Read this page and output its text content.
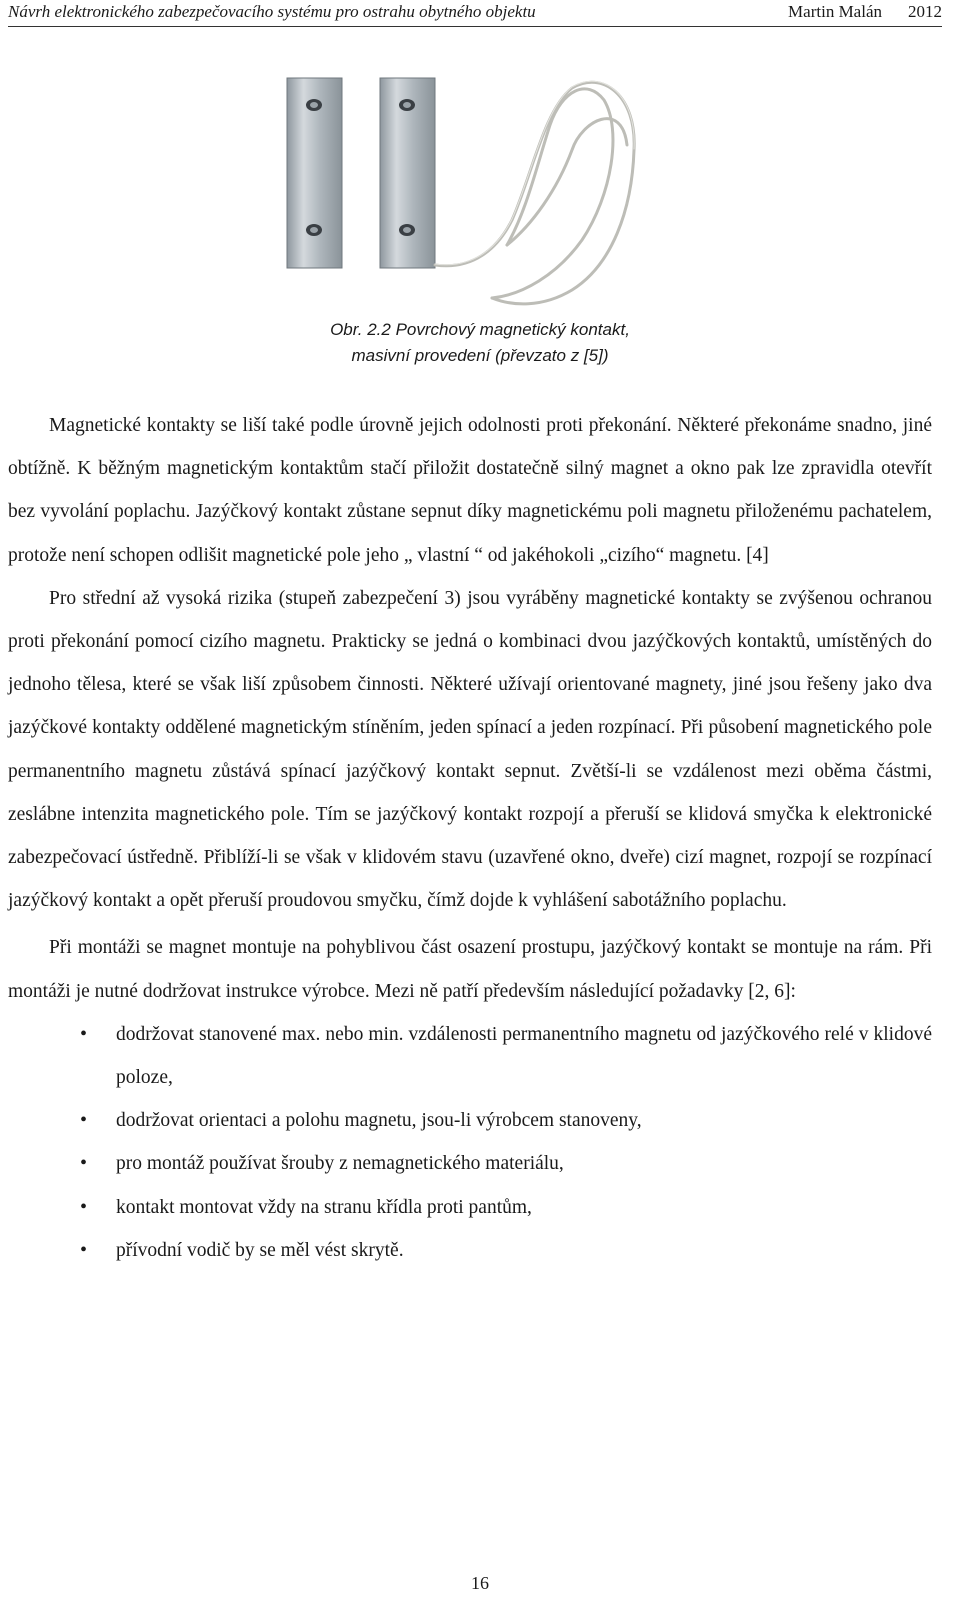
Návrh elektronického zabezpečovacího systému pro ostrahu obytného objektu	Martin Malán 2012
Obr. 2.2 Povrchový magnetický kontakt,
masivní provedení (převzato z [5])

Magnetické kontakty se liší také podle úrovně jejich odolnosti proti překonání. Některé překonáme snadno, jiné obtížně. K běžným magnetickým kontaktům stačí přiložit dostatečně silný magnet a okno pak lze zpravidla otevřít bez vyvolání poplachu. Jazýčkový kontakt zůstane sepnut díky magnetickému poli magnetu přiloženému pachatelem, protože není schopen odlišit magnetické pole jeho „ vlastní “ od jakéhokoli „cizího“ magnetu. [4]

Pro střední až vysoká rizika (stupeň zabezpečení 3) jsou vyráběny magnetické kontakty se zvýšenou ochranou proti překonání pomocí cizího magnetu. Prakticky se jedná o kombinaci dvou jazýčkových kontaktů, umístěných do jednoho tělesa, které se však liší způsobem činnosti. Některé užívají orientované magnety, jiné jsou řešeny jako dva jazýčkové kontakty oddělené magnetickým stíněním, jeden spínací a jeden rozpínací. Při působení magnetického pole permanentního magnetu zůstává spínací jazýčkový kontakt sepnut. Zvětší-li se vzdálenost mezi oběma částmi, zeslábne intenzita magnetického pole. Tím se jazýčkový kontakt rozpojí a přeruší se klidová smyčka k elektronické zabezpečovací ústředně. Přiblíží-li se však v klidovém stavu (uzavřené okno, dveře) cizí magnet, rozpojí se rozpínací jazýčkový kontakt a opět přeruší proudovou smyčku, čímž dojde k vyhlášení sabotážního poplachu.

Při montáži se magnet montuje na pohyblivou část osazení prostupu, jazýčkový kontakt se montuje na rám. Při montáži je nutné dodržovat instrukce výrobce. Mezi ně patří především následující požadavky [2, 6]:

• dodržovat stanovené max. nebo min. vzdálenosti permanentního magnetu od jazýčkového relé v klidové poloze,
• dodržovat orientaci a polohu magnetu, jsou-li výrobcem stanoveny,
• pro montáž používat šrouby z nemagnetického materiálu,
• kontakt montovat vždy na stranu křídla proti pantům,
• přívodní vodič by se měl vést skrytě.
16
